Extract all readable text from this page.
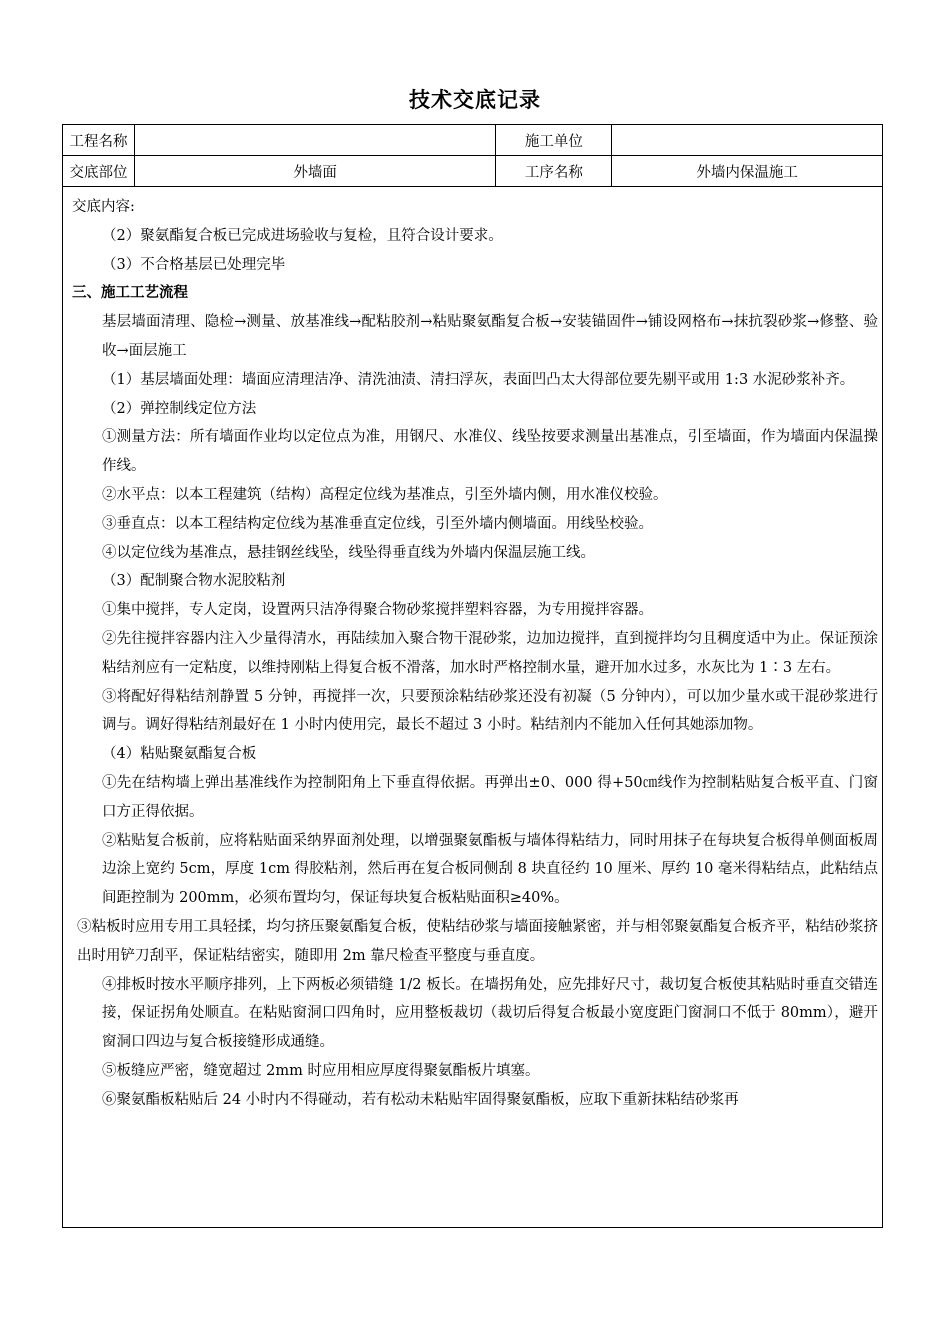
技术交底记录
工程名称		施工单位	
交底部位	外墙面	工序名称	外墙内保温施工
交底内容:
（2）聚氨酯复合板已完成进场验收与复检，且符合设计要求。
（3）不合格基层已处理完毕
三、施工工艺流程
基层墙面清理、隐检→测量、放基准线→配粘胶剂→粘贴聚氨酯复合板→安装锚固件→铺设网格布→抹抗裂砂浆→修整、验收→面层施工
（1）基层墙面处理：墙面应清理洁净、清洗油渍、清扫浮灰，表面凹凸太大得部位要先剔平或用 1:3 水泥砂浆补齐。
（2）弹控制线定位方法
①测量方法：所有墙面作业均以定位点为准，用钢尺、水准仪、线坠按要求测量出基准点，引至墙面，作为墙面内保温操作线。
②水平点：以本工程建筑（结构）高程定位线为基准点，引至外墙内侧，用水准仪校验。
③垂直点：以本工程结构定位线为基准垂直定位线，引至外墙内侧墙面。用线坠校验。
④以定位线为基准点，悬挂钢丝线坠，线坠得垂直线为外墙内保温层施工线。
（3）配制聚合物水泥胶粘剂
①集中搅拌，专人定岗，设置两只洁净得聚合物砂浆搅拌塑料容器，为专用搅拌容器。
②先往搅拌容器内注入少量得清水，再陆续加入聚合物干混砂浆，边加边搅拌，直到搅拌均匀且稠度适中为止。保证预涂粘结剂应有一定粘度，以维持刚粘上得复合板不滑落，加水时严格控制水量，避开加水过多，水灰比为 1∶3 左右。
③将配好得粘结剂静置 5 分钟，再搅拌一次，只要预涂粘结砂浆还没有初凝（5 分钟内），可以加少量水或干混砂浆进行调与。调好得粘结剂最好在 1 小时内使用完，最长不超过 3 小时。粘结剂内不能加入任何其她添加物。
（4）粘贴聚氨酯复合板
①先在结构墙上弹出基准线作为控制阳角上下垂直得依据。再弹出±0、000 得+50㎝线作为控制粘贴复合板平直、门窗口方正得依据。
②粘贴复合板前，应将粘贴面采纳界面剂处理，以增强聚氨酯板与墙体得粘结力，同时用抹子在每块复合板得单侧面板周边涂上宽约 5cm，厚度 1cm 得胶粘剂，然后再在复合板同侧刮 8 块直径约 10 厘米、厚约 10 毫米得粘结点，此粘结点间距控制为 200mm，必须布置均匀，保证每块复合板粘贴面积≥40%。
③粘板时应用专用工具轻揉，均匀挤压聚氨酯复合板，使粘结砂浆与墙面接触紧密，并与相邻聚氨酯复合板齐平，粘结砂浆挤出时用铲刀刮平，保证粘结密实，随即用 2m 靠尺检查平整度与垂直度。
④排板时按水平顺序排列，上下两板必须错缝 1/2 板长。在墙拐角处，应先排好尺寸，裁切复合板使其粘贴时垂直交错连接，保证拐角处顺直。在粘贴窗洞口四角时，应用整板裁切（裁切后得复合板最小宽度距门窗洞口不低于 80mm），避开窗洞口四边与复合板接缝形成通缝。
⑤板缝应严密，缝宽超过 2mm 时应用相应厚度得聚氨酯板片填塞。
⑥聚氨酯板粘贴后 24 小时内不得碰动，若有松动未粘贴牢固得聚氨酯板，应取下重新抹粘结砂浆再
